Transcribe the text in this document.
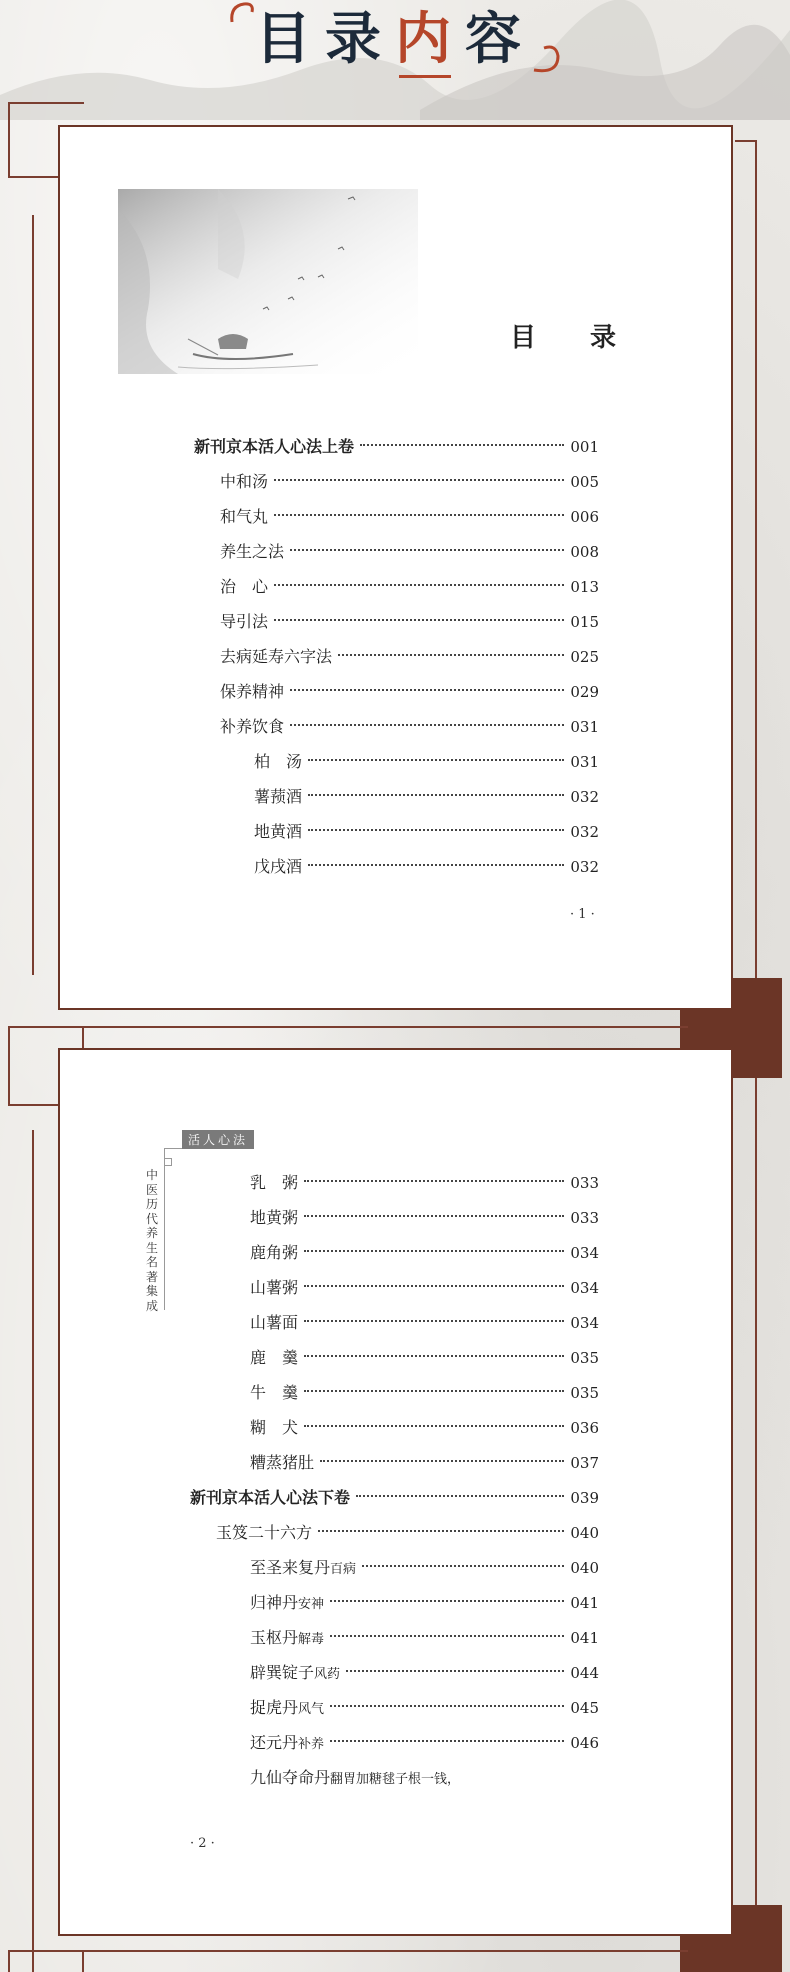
目录内容
目　录
新刊京本活人心法上卷	001
中和汤	005
和气丸	006
养生之法	008
治　心	013
导引法	015
去病延寿六字法	025
保养精神	029
补养饮食	031
柏　汤	031
薯蓣酒	032
地黄酒	032
戊戌酒	032
· 1 ·
活人心法
中医历代养生名著集成
乳　粥	033
地黄粥	033
鹿角粥	034
山薯粥	034
山薯面	034
鹿　羹	035
牛　羹	035
糊　犬	036
糟蒸猪肚	037
新刊京本活人心法下卷	039
玉笈二十六方	040
至圣来复丹百病	040
归神丹安神	041
玉枢丹解毒	041
辟巽锭子风药	044
捉虎丹风气	045
还元丹补养	046
九仙夺命丹翻胃加糖毬子根一钱，
· 2 ·
